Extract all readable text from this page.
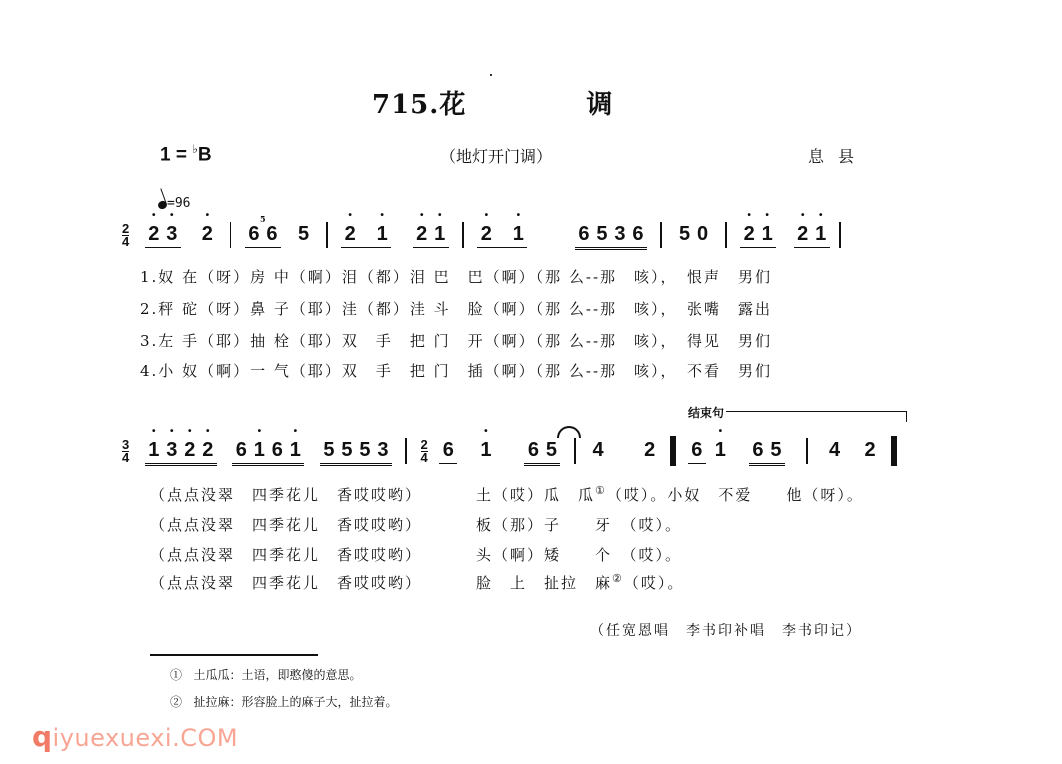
715.花	调
1 = ♭B	（地灯开门调）	息县
=96
$\frac{2}{4}$ • 2 • 3 • 2 6 6 5 • 2 • 1 • 2 • 1 • 2 • 1	6 5 3 6 5 0 • 2 • 1 • 2 • 1
5
1.奴 在（呀）房 中（啊）泪（都）泪 巴　巴（啊）（那 么--那　咳），　恨声　男们
2.秤 砣（呀）鼻 子（耶）洼（都）洼 斗　脸（啊）（那 么--那　咳），　张嘴　露出
3.左 手（耶）抽 栓（耶）双　手　把 门　开（啊）（那 么--那　咳），　得见　男们
4.小 奴（啊）一 气（耶）双　手　把 门　插（啊）（那 么--那　咳），　不看　男们
结束句
$\frac{3}{4}$ • 1 • 3 • 2 • 2 6 • 1 6 • 1 5 5 5 $3 \frac{2}{4} 6$ • 1 6 5 4 2 6 • 1 6 5 4 2
（点点没翠　四季花儿　香哎哎哟）	土（哎）瓜　瓜①（哎）。小奴　不爱　　他（呀）。
（点点没翠　四季花儿　香哎哎哟）	板（那）子　　牙　（哎）。
（点点没翠　四季花儿　香哎哎哟）	头（啊）矮　　个　（哎）。
（点点没翠　四季花儿　香哎哎哟）	脸　上　扯拉　麻②（哎）。
（任宽恩唱　李书印补唱　李书印记）
① 土瓜瓜：土语，即憨傻的意思。
② 扯拉麻：形容脸上的麻子大，扯拉着。
qiyuexuexi.COM
